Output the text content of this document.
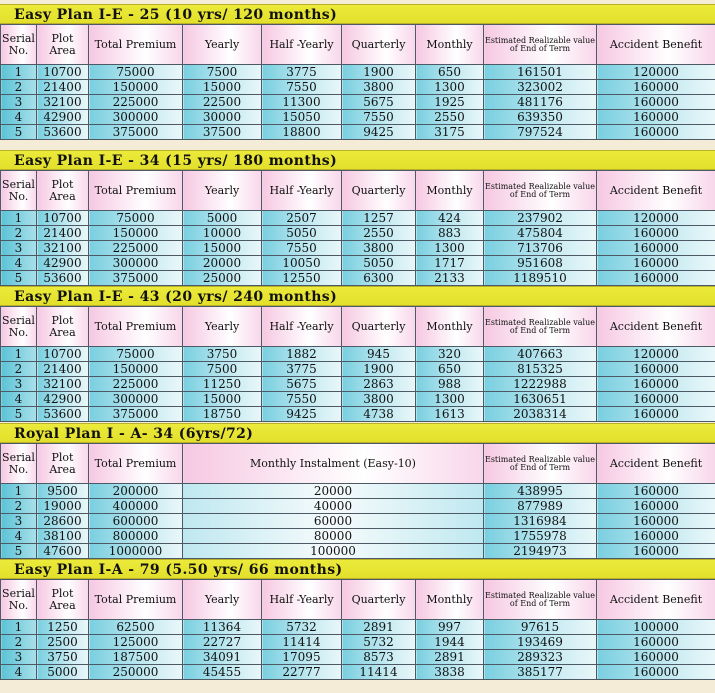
Easy Plan I-E - 25 (10 yrs/ 120 months)
Serial No.	Plot Area	Total Premium	Yearly	Half -Yearly	Quarterly	Monthly	Estimated Realizable value of End of Term	Accident Benefit
1	10700	75000	7500	3775	1900	650	161501	120000
2	21400	150000	15000	7550	3800	1300	323002	160000
3	32100	225000	22500	11300	5675	1925	481176	160000
4	42900	300000	30000	15050	7550	2550	639350	160000
5	53600	375000	37500	18800	9425	3175	797524	160000
Easy Plan I-E - 34 (15 yrs/ 180 months)
Serial No.	Plot Area	Total Premium	Yearly	Half -Yearly	Quarterly	Monthly	Estimated Realizable value of End of Term	Accident Benefit
1	10700	75000	5000	2507	1257	424	237902	120000
2	21400	150000	10000	5050	2550	883	475804	160000
3	32100	225000	15000	7550	3800	1300	713706	160000
4	42900	300000	20000	10050	5050	1717	951608	160000
5	53600	375000	25000	12550	6300	2133	1189510	160000
Easy Plan I-E - 43 (20 yrs/ 240 months)
Serial No.	Plot Area	Total Premium	Yearly	Half -Yearly	Quarterly	Monthly	Estimated Realizable value of End of Term	Accident Benefit
1	10700	75000	3750	1882	945	320	407663	120000
2	21400	150000	7500	3775	1900	650	815325	160000
3	32100	225000	11250	5675	2863	988	1222988	160000
4	42900	300000	15000	7550	3800	1300	1630651	160000
5	53600	375000	18750	9425	4738	1613	2038314	160000
Royal Plan I - A- 34 (6yrs/72)
Serial No.	Plot Area	Total Premium	Monthly Instalment (Easy-10)	Estimated Realizable value of End of Term	Accident Benefit
1	9500	200000	20000	438995	160000
2	19000	400000	40000	877989	160000
3	28600	600000	60000	1316984	160000
4	38100	800000	80000	1755978	160000
5	47600	1000000	100000	2194973	160000
Easy Plan I-A - 79 (5.50 yrs/ 66 months)
Serial No.	Plot Area	Total Premium	Yearly	Half -Yearly	Quarterly	Monthly	Estimated Realizable value of End of Term	Accident Benefit
1	1250	62500	11364	5732	2891	997	97615	100000
2	2500	125000	22727	11414	5732	1944	193469	160000
3	3750	187500	34091	17095	8573	2891	289323	160000
4	5000	250000	45455	22777	11414	3838	385177	160000
